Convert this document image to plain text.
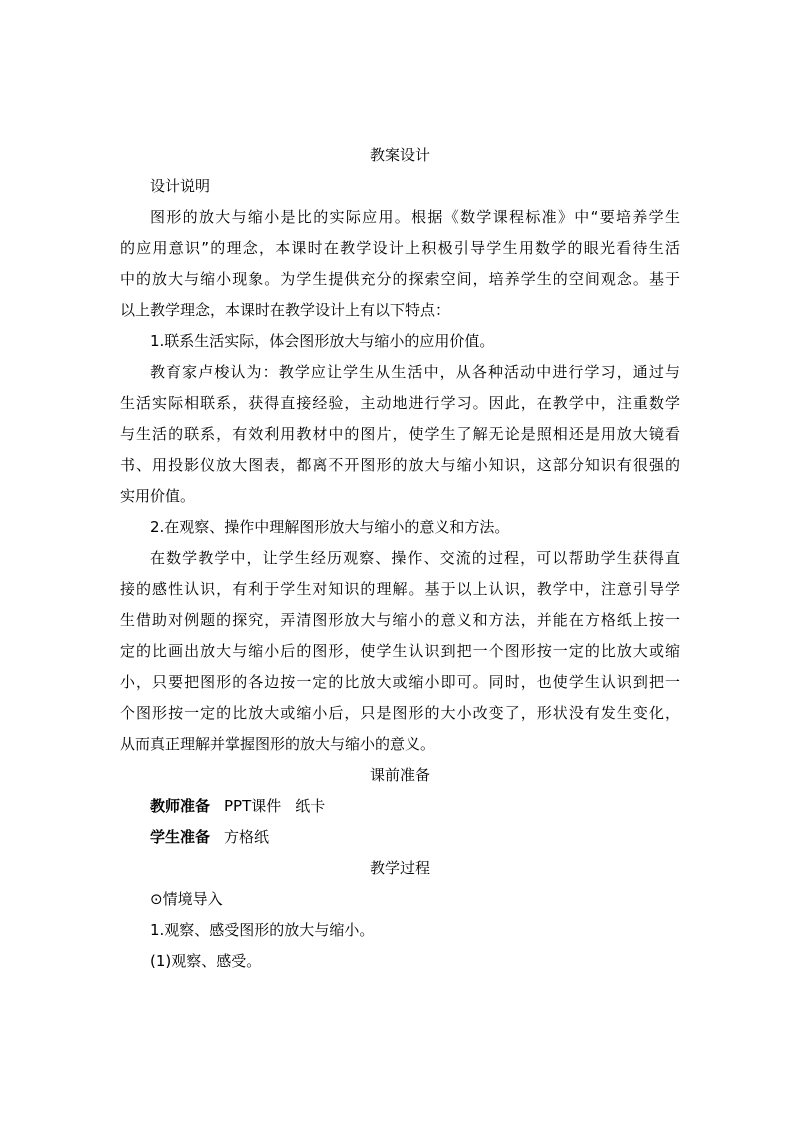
教案设计
设计说明
图形的放大与缩小是比的实际应用。根据《数学课程标准》中“要培养学生
的应用意识”的理念，本课时在教学设计上积极引导学生用数学的眼光看待生活
中的放大与缩小现象。为学生提供充分的探索空间，培养学生的空间观念。基于
以上教学理念，本课时在教学设计上有以下特点：
1.联系生活实际，体会图形放大与缩小的应用价值。
教育家卢梭认为：教学应让学生从生活中，从各种活动中进行学习，通过与
生活实际相联系，获得直接经验，主动地进行学习。因此，在教学中，注重数学
与生活的联系，有效利用教材中的图片，使学生了解无论是照相还是用放大镜看
书、用投影仪放大图表，都离不开图形的放大与缩小知识，这部分知识有很强的
实用价值。
2.在观察、操作中理解图形放大与缩小的意义和方法。
在数学教学中，让学生经历观察、操作、交流的过程，可以帮助学生获得直
接的感性认识，有利于学生对知识的理解。基于以上认识，教学中，注意引导学
生借助对例题的探究，弄清图形放大与缩小的意义和方法，并能在方格纸上按一
定的比画出放大与缩小后的图形，使学生认识到把一个图形按一定的比放大或缩
小，只要把图形的各边按一定的比放大或缩小即可。同时，也使学生认识到把一
个图形按一定的比放大或缩小后，只是图形的大小改变了，形状没有发生变化，
从而真正理解并掌握图形的放大与缩小的意义。
课前准备
教师准备 PPT课件 纸卡
学生准备 方格纸
教学过程
⊙情境导入
1.观察、感受图形的放大与缩小。
(1)观察、感受。
